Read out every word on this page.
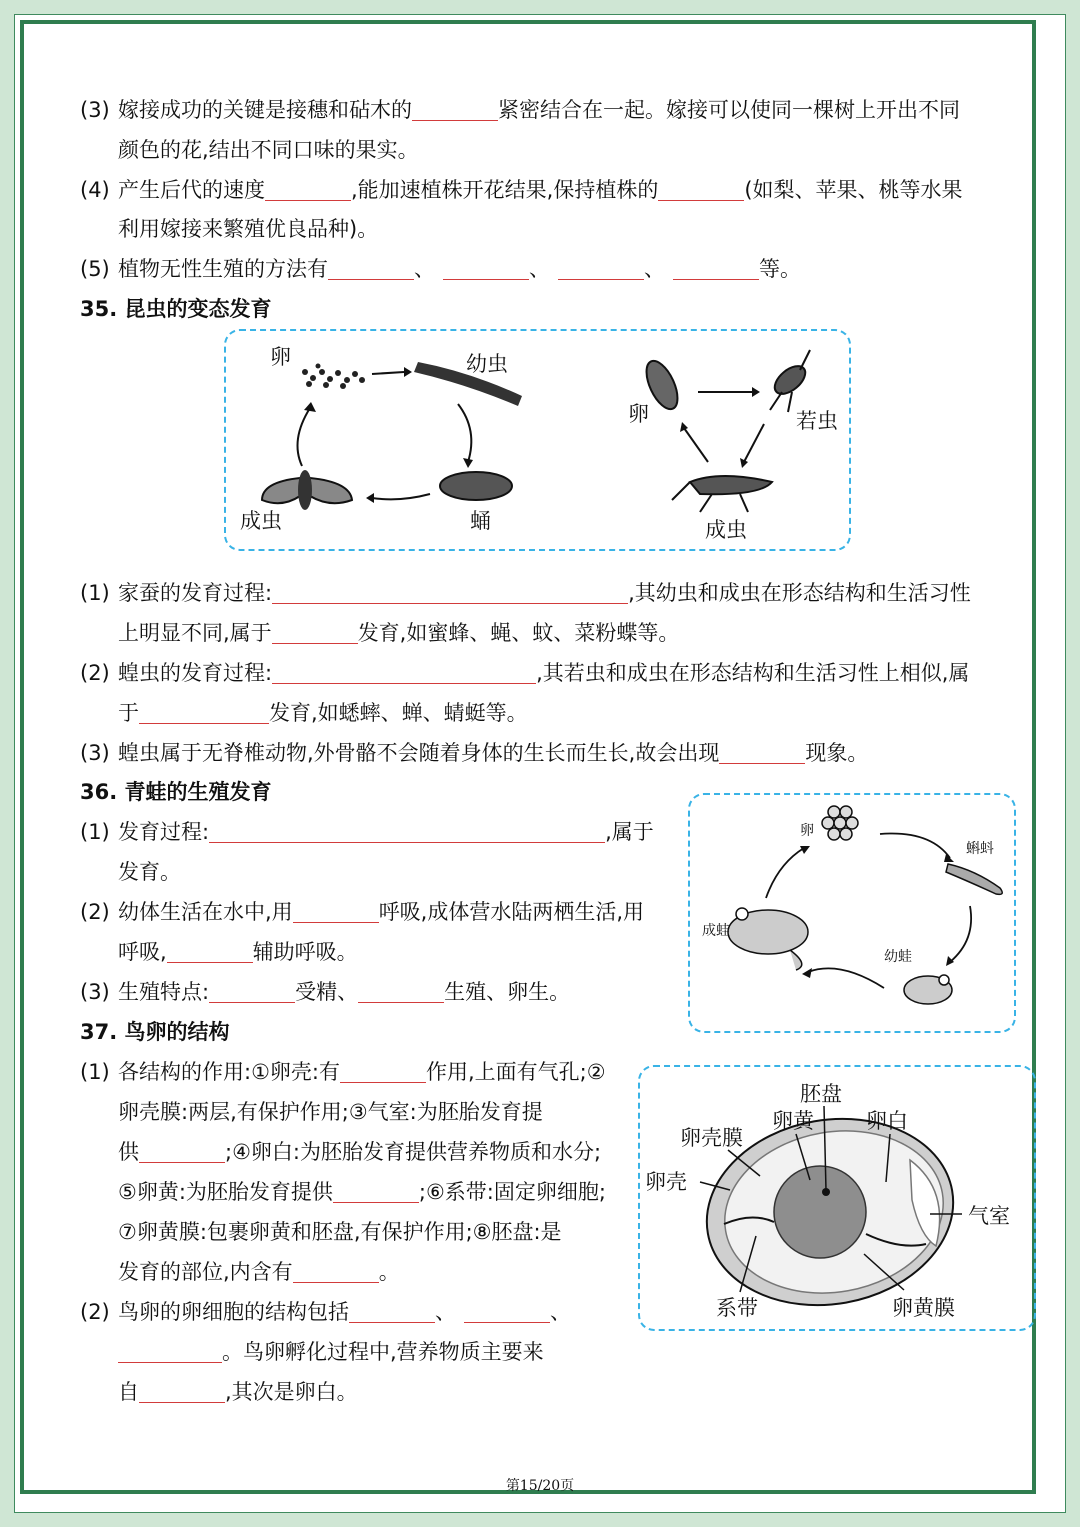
(3) 嫁接成功的关键是接穗和砧木的	紧密结合在一起。嫁接可以使同一棵树上开出不同
颜色的花,结出不同口味的果实。
(4) 产生后代的速度	,能加速植株开花结果,保持植株的	(如梨、苹果、桃等水果
利用嫁接来繁殖优良品种)。
(5) 植物无性生殖的方法有	、	、	、	等。
35. 昆虫的变态发育
卵	幼虫
蛹
成虫
卵	若虫
成虫
(1) 家蚕的发育过程:	,其幼虫和成虫在形态结构和生活习性
上明显不同,属于	发育,如蜜蜂、蝇、蚊、菜粉蝶等。
(2) 蝗虫的发育过程:	,其若虫和成虫在形态结构和生活习性上相似,属
于	发育,如蟋蟀、蝉、蜻蜓等。
(3) 蝗虫属于无脊椎动物,外骨骼不会随着身体的生长而生长,故会出现	现象。
36. 青蛙的生殖发育
(1) 发育过程:	,属于
发育。
(2) 幼体生活在水中,用	呼吸,成体营水陆两栖生活,用
呼吸,	辅助呼吸。
(3) 生殖特点:	受精、	生殖、卵生。
卵
蝌蚪
幼蛙
成蛙
37. 鸟卵的结构
(1) 各结构的作用:①卵壳:有	作用,上面有气孔;②
卵壳膜:两层,有保护作用;③气室:为胚胎发育提
供	;④卵白:为胚胎发育提供营养物质和水分;
⑤卵黄:为胚胎发育提供	;⑥系带:固定卵细胞;
⑦卵黄膜:包裹卵黄和胚盘,有保护作用;⑧胚盘:是
发育的部位,内含有	。
(2) 鸟卵的卵细胞的结构包括	、	、
。鸟卵孵化过程中,营养物质主要来
自	,其次是卵白。
胚盘
卵黄 卵白
卵壳膜
卵壳
气室
系带	卵黄膜
第15/20页
